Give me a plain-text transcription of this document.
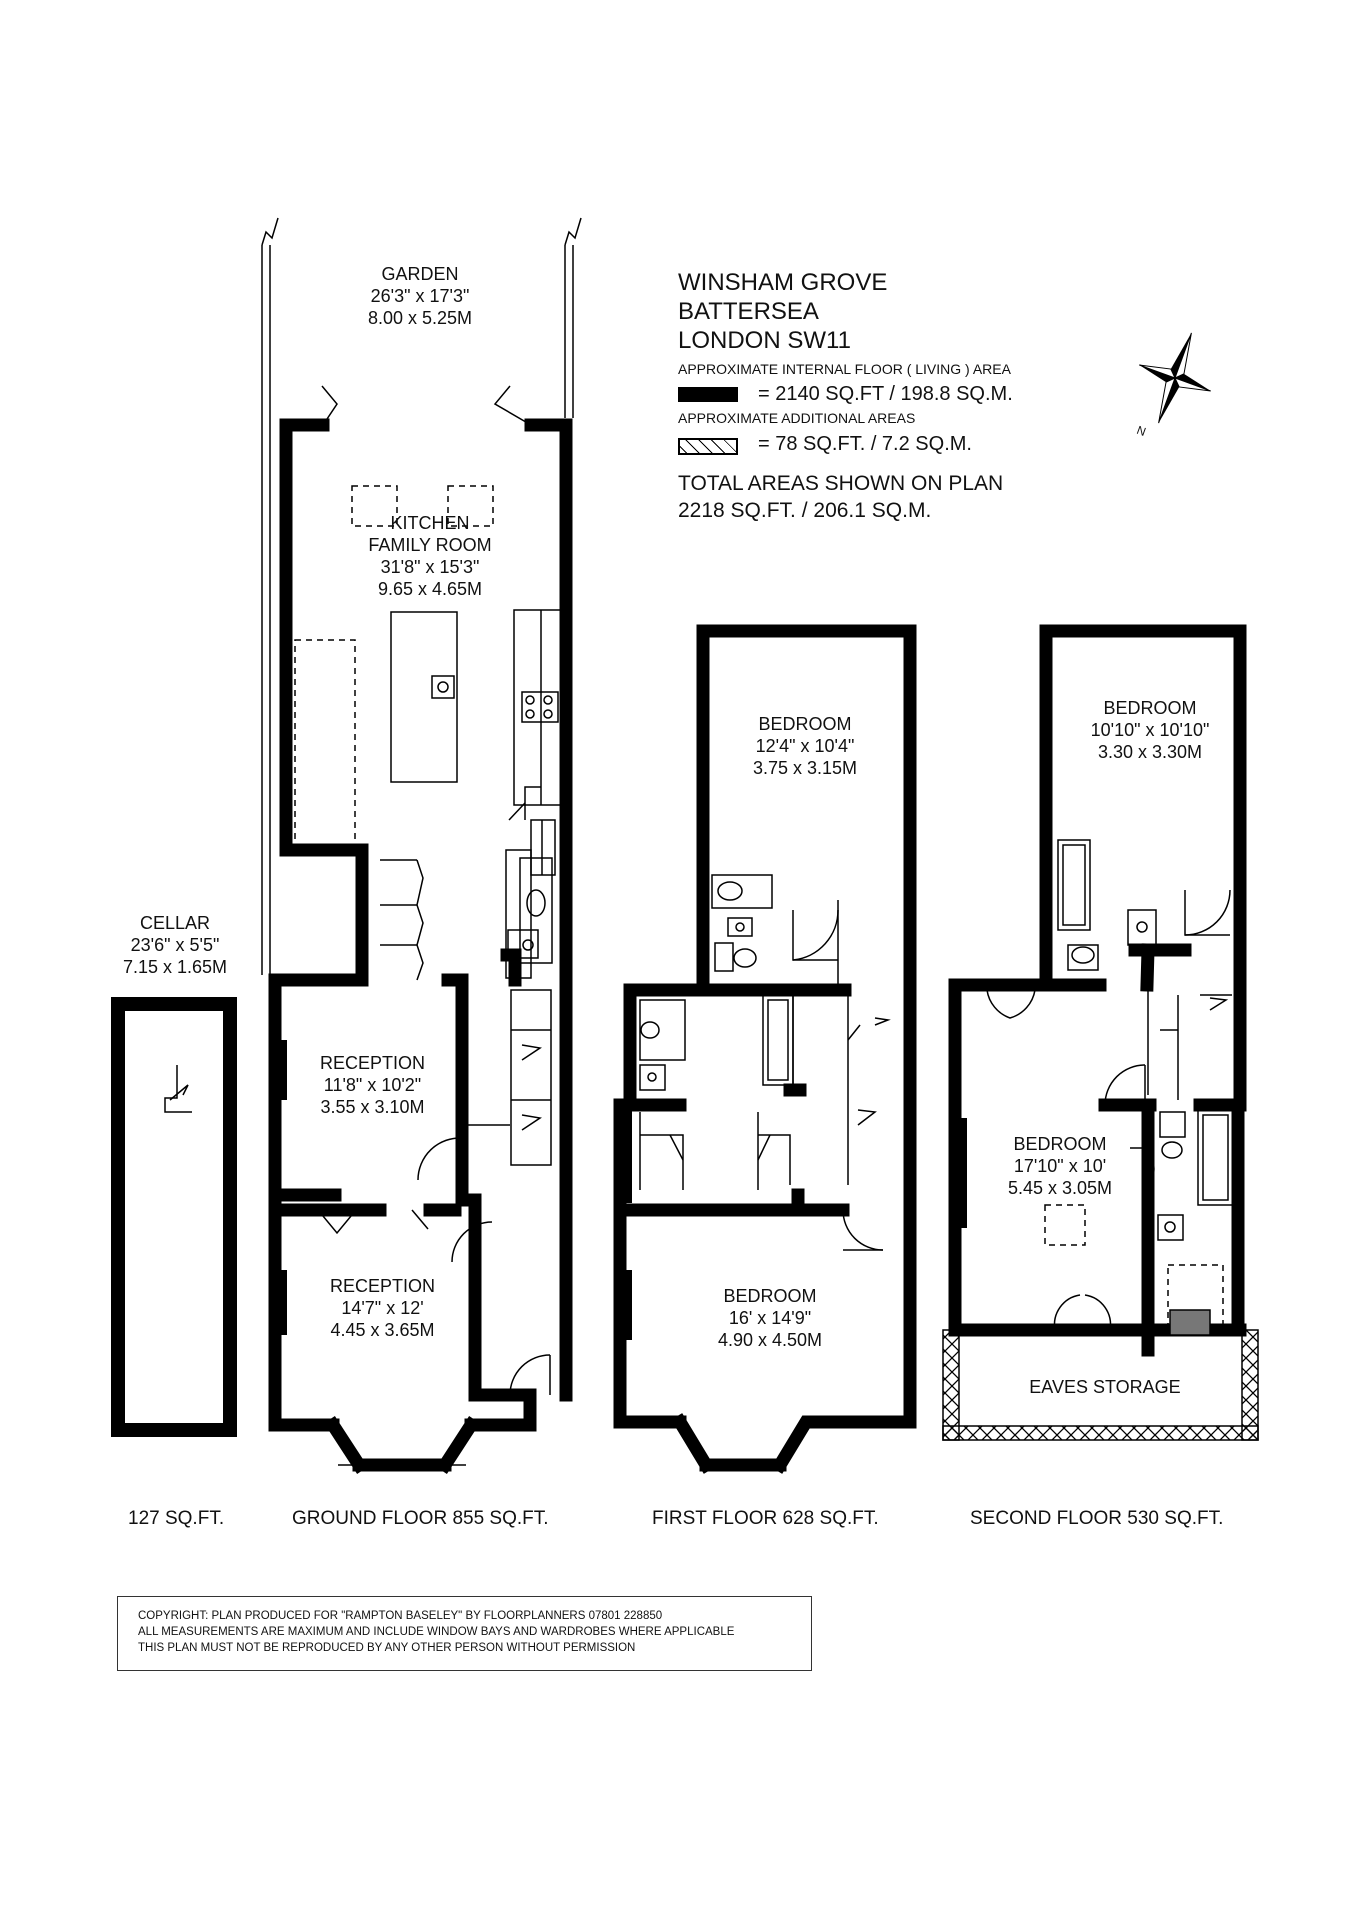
N
WINSHAM GROVE
BATTERSEA
LONDON SW11
APPROXIMATE INTERNAL FLOOR ( LIVING ) AREA
= 2140 SQ.FT / 198.8 SQ.M.
APPROXIMATE ADDITIONAL AREAS
= 78 SQ.FT. / 7.2 SQ.M.
TOTAL AREAS SHOWN ON PLAN
2218 SQ.FT. / 206.1 SQ.M.
GARDEN
26'3" x 17'3"
8.00 x 5.25M
KITCHEN
FAMILY ROOM
31'8" x 15'3"
9.65 x 4.65M
CELLAR
23'6" x 5'5"
7.15 x 1.65M
RECEPTION
11'8" x 10'2"
3.55 x 3.10M
RECEPTION
14'7" x 12'
4.45 x 3.65M
BEDROOM
12'4" x 10'4"
3.75 x 3.15M
BEDROOM
16' x 14'9"
4.90 x 4.50M
BEDROOM
10'10" x 10'10"
3.30 x 3.30M
BEDROOM
17'10" x 10'
5.45 x 3.05M
EAVES STORAGE
127 SQ.FT.	GROUND FLOOR 855 SQ.FT.	FIRST FLOOR 628 SQ.FT.	SECOND FLOOR 530 SQ.FT.
COPYRIGHT: PLAN PRODUCED FOR "RAMPTON BASELEY" BY FLOORPLANNERS 07801 228850
ALL MEASUREMENTS ARE MAXIMUM AND INCLUDE WINDOW BAYS AND WARDROBES WHERE APPLICABLE
THIS PLAN MUST NOT BE REPRODUCED BY ANY OTHER PERSON WITHOUT PERMISSION
